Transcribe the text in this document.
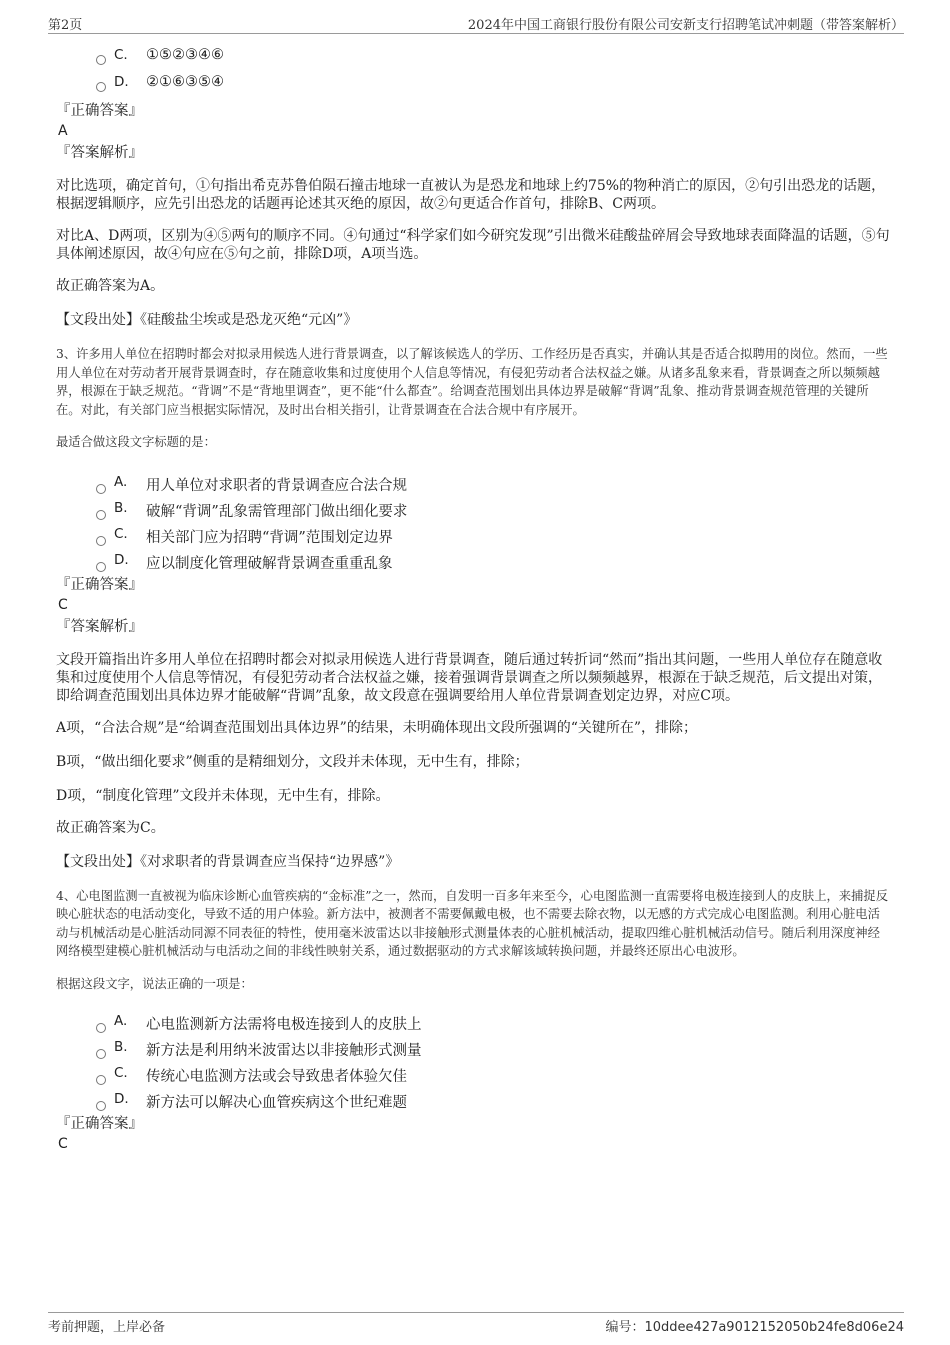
第2页	2024年中国工商银行股份有限公司安新支行招聘笔试冲刺题（带答案解析）
C. ①⑤②③④⑥
D. ②①⑥③⑤④
『正确答案』
A
『答案解析』

对比选项，确定首句，①句指出希克苏鲁伯陨石撞击地球一直被认为是恐龙和地球上约75%的物种消亡的原因，②句引出恐龙的话题，根据逻辑顺序，应先引出恐龙的话题再论述其灭绝的原因，故②句更适合作首句，排除B、C两项。

对比A、D两项，区别为④⑤两句的顺序不同。④句通过“科学家们如今研究发现”引出微米硅酸盐碎屑会导致地球表面降温的话题，⑤句具体阐述原因，故④句应在⑤句之前，排除D项，A项当选。

故正确答案为A。

【文段出处】《硅酸盐尘埃或是恐龙灭绝“元凶”》

3、许多用人单位在招聘时都会对拟录用候选人进行背景调查，以了解该候选人的学历、工作经历是否真实，并确认其是否适合拟聘用的岗位。然而，一些用人单位在对劳动者开展背景调查时，存在随意收集和过度使用个人信息等情况，有侵犯劳动者合法权益之嫌。从诸多乱象来看，背景调查之所以频频越界，根源在于缺乏规范。“背调”不是“背地里调查”，更不能“什么都查”。给调查范围划出具体边界是破解“背调”乱象、推动背景调查规范管理的关键所在。对此，有关部门应当根据实际情况，及时出台相关指引，让背景调查在合法合规中有序展开。

最适合做这段文字标题的是：

A. 用人单位对求职者的背景调查应合法合规
B. 破解“背调”乱象需管理部门做出细化要求
C. 相关部门应为招聘“背调”范围划定边界
D. 应以制度化管理破解背景调查重重乱象
『正确答案』
C
『答案解析』

文段开篇指出许多用人单位在招聘时都会对拟录用候选人进行背景调查，随后通过转折词“然而”指出其问题，一些用人单位存在随意收集和过度使用个人信息等情况，有侵犯劳动者合法权益之嫌，接着强调背景调查之所以频频越界，根源在于缺乏规范，后文提出对策，即给调查范围划出具体边界才能破解“背调”乱象，故文段意在强调要给用人单位背景调查划定边界，对应C项。

A项，“合法合规”是“给调查范围划出具体边界”的结果，未明确体现出文段所强调的“关键所在”，排除；

B项，“做出细化要求”侧重的是精细划分，文段并未体现，无中生有，排除；

D项，“制度化管理”文段并未体现，无中生有，排除。

故正确答案为C。

【文段出处】《对求职者的背景调查应当保持“边界感”》

4、心电图监测一直被视为临床诊断心血管疾病的“金标准”之一，然而，自发明一百多年来至今，心电图监测一直需要将电极连接到人的皮肤上，来捕捉反映心脏状态的电活动变化，导致不适的用户体验。新方法中，被测者不需要佩戴电极，也不需要去除衣物，以无感的方式完成心电图监测。利用心脏电活动与机械活动是心脏活动同源不同表征的特性，使用毫米波雷达以非接触形式测量体表的心脏机械活动，提取四维心脏机械活动信号。随后利用深度神经网络模型建模心脏机械活动与电活动之间的非线性映射关系，通过数据驱动的方式求解该域转换问题，并最终还原出心电波形。

根据这段文字，说法正确的一项是：

A. 心电监测新方法需将电极连接到人的皮肤上
B. 新方法是利用纳米波雷达以非接触形式测量
C. 传统心电监测方法或会导致患者体验欠佳
D. 新方法可以解决心血管疾病这个世纪难题
『正确答案』
C
考前押题，上岸必备	编号：10ddee427a9012152050b24fe8d06e24
